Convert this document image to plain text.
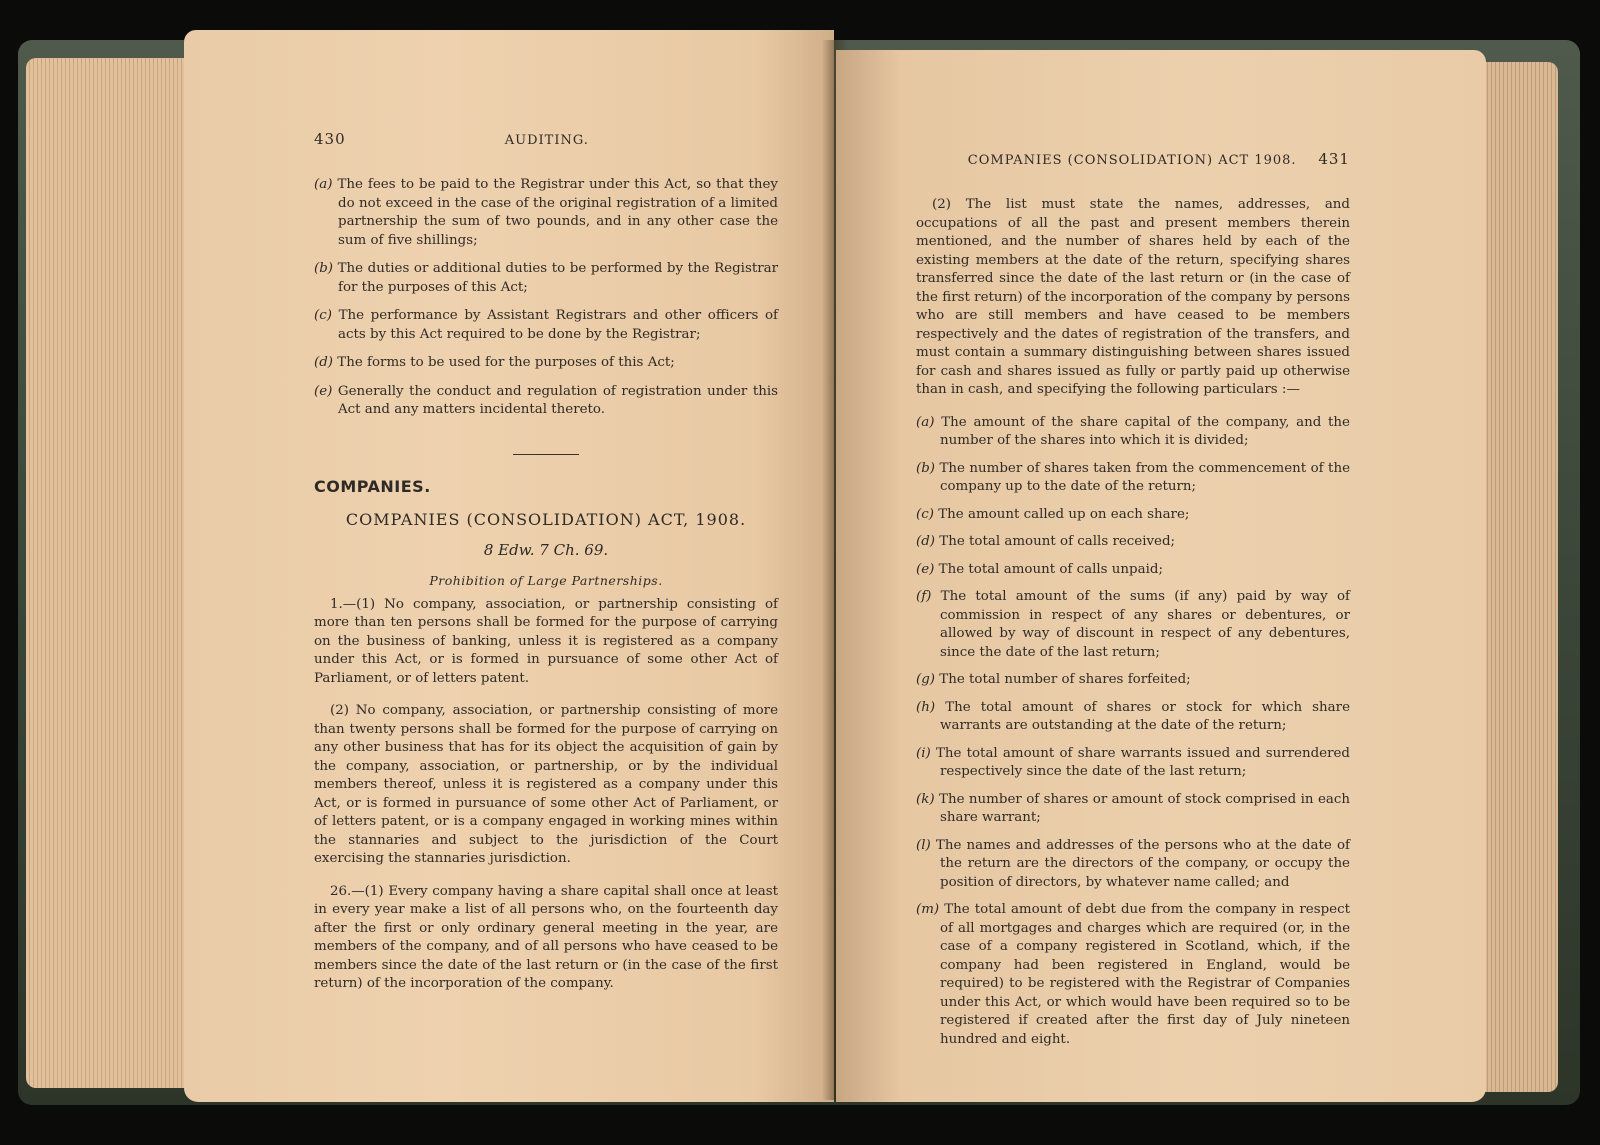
430	AUDITING.

(a) The fees to be paid to the Registrar under this Act, so that they do not exceed in the case of the original registration of a limited partnership the sum of two pounds, and in any other case the sum of five shillings;

(b) The duties or additional duties to be performed by the Registrar for the purposes of this Act;

(c) The performance by Assistant Registrars and other officers of acts by this Act required to be done by the Registrar;

(d) The forms to be used for the purposes of this Act;

(e) Generally the conduct and regulation of registration under this Act and any matters incidental thereto.

COMPANIES.
COMPANIES (CONSOLIDATION) ACT, 1908.
8 Edw. 7 Ch. 69.
Prohibition of Large Partnerships.

1.—(1) No company, association, or partnership consisting of more than ten persons shall be formed for the purpose of carrying on the business of banking, unless it is registered as a company under this Act, or is formed in pursuance of some other Act of Parliament, or of letters patent.

(2) No company, association, or partnership consisting of more than twenty persons shall be formed for the purpose of carrying on any other business that has for its object the acquisition of gain by the company, association, or partnership, or by the individual members thereof, unless it is registered as a company under this Act, or is formed in pursuance of some other Act of Parliament, or of letters patent, or is a company engaged in working mines within the stannaries and subject to the jurisdiction of the Court exercising the stannaries jurisdiction.

26.—(1) Every company having a share capital shall once at least in every year make a list of all persons who, on the fourteenth day after the first or only ordinary general meeting in the year, are members of the company, and of all persons who have ceased to be members since the date of the last return or (in the case of the first return) of the incorporation of the company.

COMPANIES (CONSOLIDATION) ACT 1908. 431

(2) The list must state the names, addresses, and occupations of all the past and present members therein mentioned, and the number of shares held by each of the existing members at the date of the return, specifying shares transferred since the date of the last return or (in the case of the first return) of the incorporation of the company by persons who are still members and have ceased to be members respectively and the dates of registration of the transfers, and must contain a summary distinguishing between shares issued for cash and shares issued as fully or partly paid up otherwise than in cash, and specifying the following particulars :—

(a) The amount of the share capital of the company, and the number of the shares into which it is divided;

(b) The number of shares taken from the commencement of the company up to the date of the return;

(c) The amount called up on each share;

(d) The total amount of calls received;

(e) The total amount of calls unpaid;

(f) The total amount of the sums (if any) paid by way of commission in respect of any shares or debentures, or allowed by way of discount in respect of any debentures, since the date of the last return;

(g) The total number of shares forfeited;

(h) The total amount of shares or stock for which share warrants are outstanding at the date of the return;

(i) The total amount of share warrants issued and surrendered respectively since the date of the last return;

(k) The number of shares or amount of stock comprised in each share warrant;

(l) The names and addresses of the persons who at the date of the return are the directors of the company, or occupy the position of directors, by whatever name called; and

(m) The total amount of debt due from the company in respect of all mortgages and charges which are required (or, in the case of a company registered in Scotland, which, if the company had been registered in England, would be required) to be registered with the Registrar of Companies under this Act, or which would have been required so to be registered if created after the first day of July nineteen hundred and eight.
